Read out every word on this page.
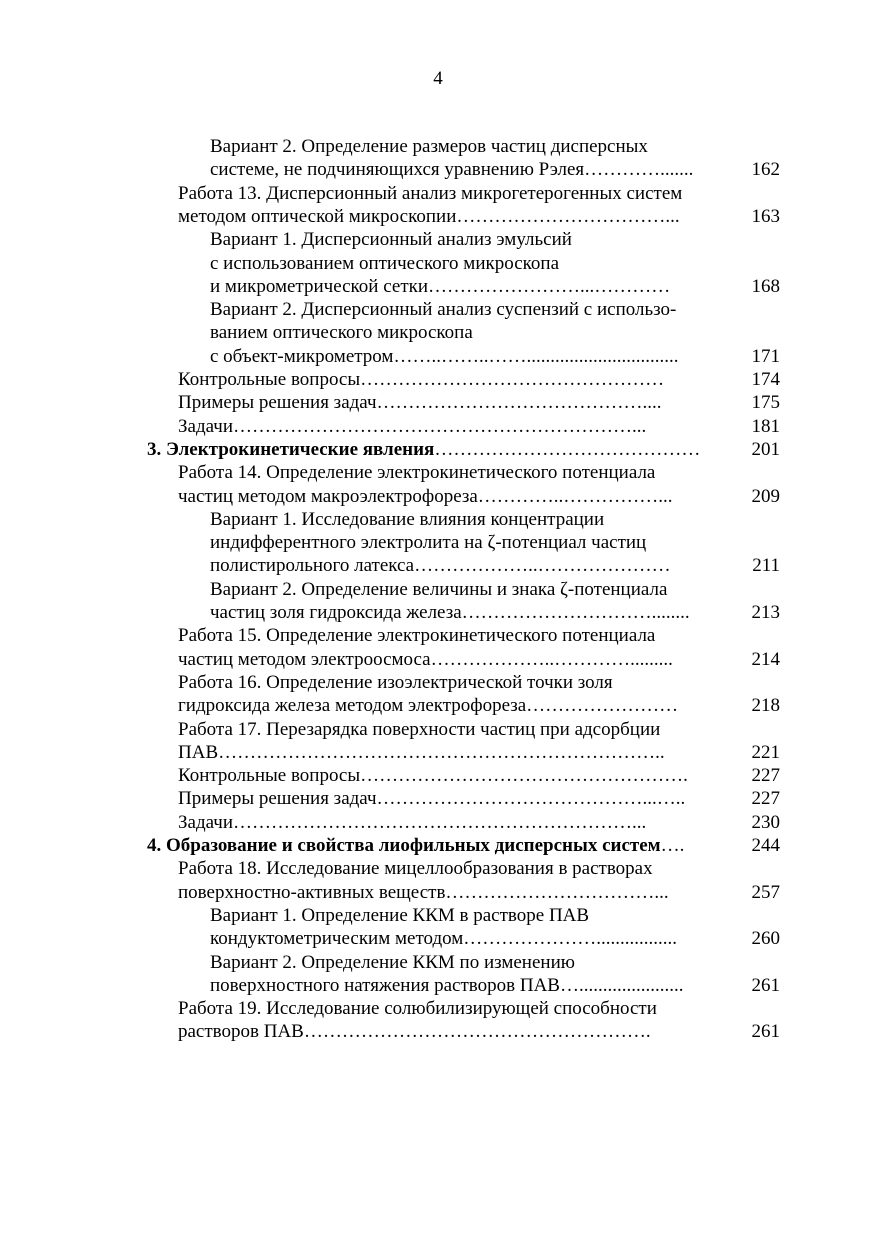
4
Вариант 2. Определение размеров частиц дисперсных
системе, не подчиняющихся уравнению Рэлея………….......	162
Работа 13. Дисперсионный анализ микрогетерогенных систем
методом оптической микроскопии……………………………...	163
Вариант 1. Дисперсионный анализ эмульсий
с использованием оптического микроскопа
и микрометрической сетки……………………...…………	168
Вариант 2. Дисперсионный анализ суспензий с использо-
ванием оптического микроскопа
с объект-микрометром……..……..……................................	171
Контрольные вопросы…………………………………………	174
Примеры решения задач……………………………………....	175
Задачи………………………………………………………...	181
3. Электрокинетические явления……………………………………	201
Работа 14. Определение электрокинетического потенциала
частиц методом макроэлектрофореза…………..……………...	209
Вариант 1. Исследование влияния концентрации
индифферентного электролита на ζ-потенциал частиц
полистирольного латекса………………..…………………	211
Вариант 2. Определение величины и знака ζ-потенциала
частиц золя гидроксида железа…………………………........	213
Работа 15. Определение электрокинетического потенциала
частиц методом электроосмоса………………..………….........	214
Работа 16. Определение изоэлектрической точки золя
гидроксида железа методом электрофореза……………………	218
Работа 17. Перезарядка поверхности частиц при адсорбции
ПАВ……………………………………………………………..	221
Контрольные вопросы…………………………………………….	227
Примеры решения задач……………………………………...…..	227
Задачи………………………………………………………...	230
4. Образование и свойства лиофильных дисперсных систем….	244
Работа 18. Исследование мицеллообразования в растворах
поверхностно-активных веществ……………………………...	257
Вариант 1. Определение ККМ в растворе ПАВ
кондуктометрическим методом………………….................	260
Вариант 2. Определение ККМ по изменению
поверхностного натяжения растворов ПАВ…......................	261
Работа 19. Исследование солюбилизирующей способности
растворов ПАВ……………………………………………….	261
